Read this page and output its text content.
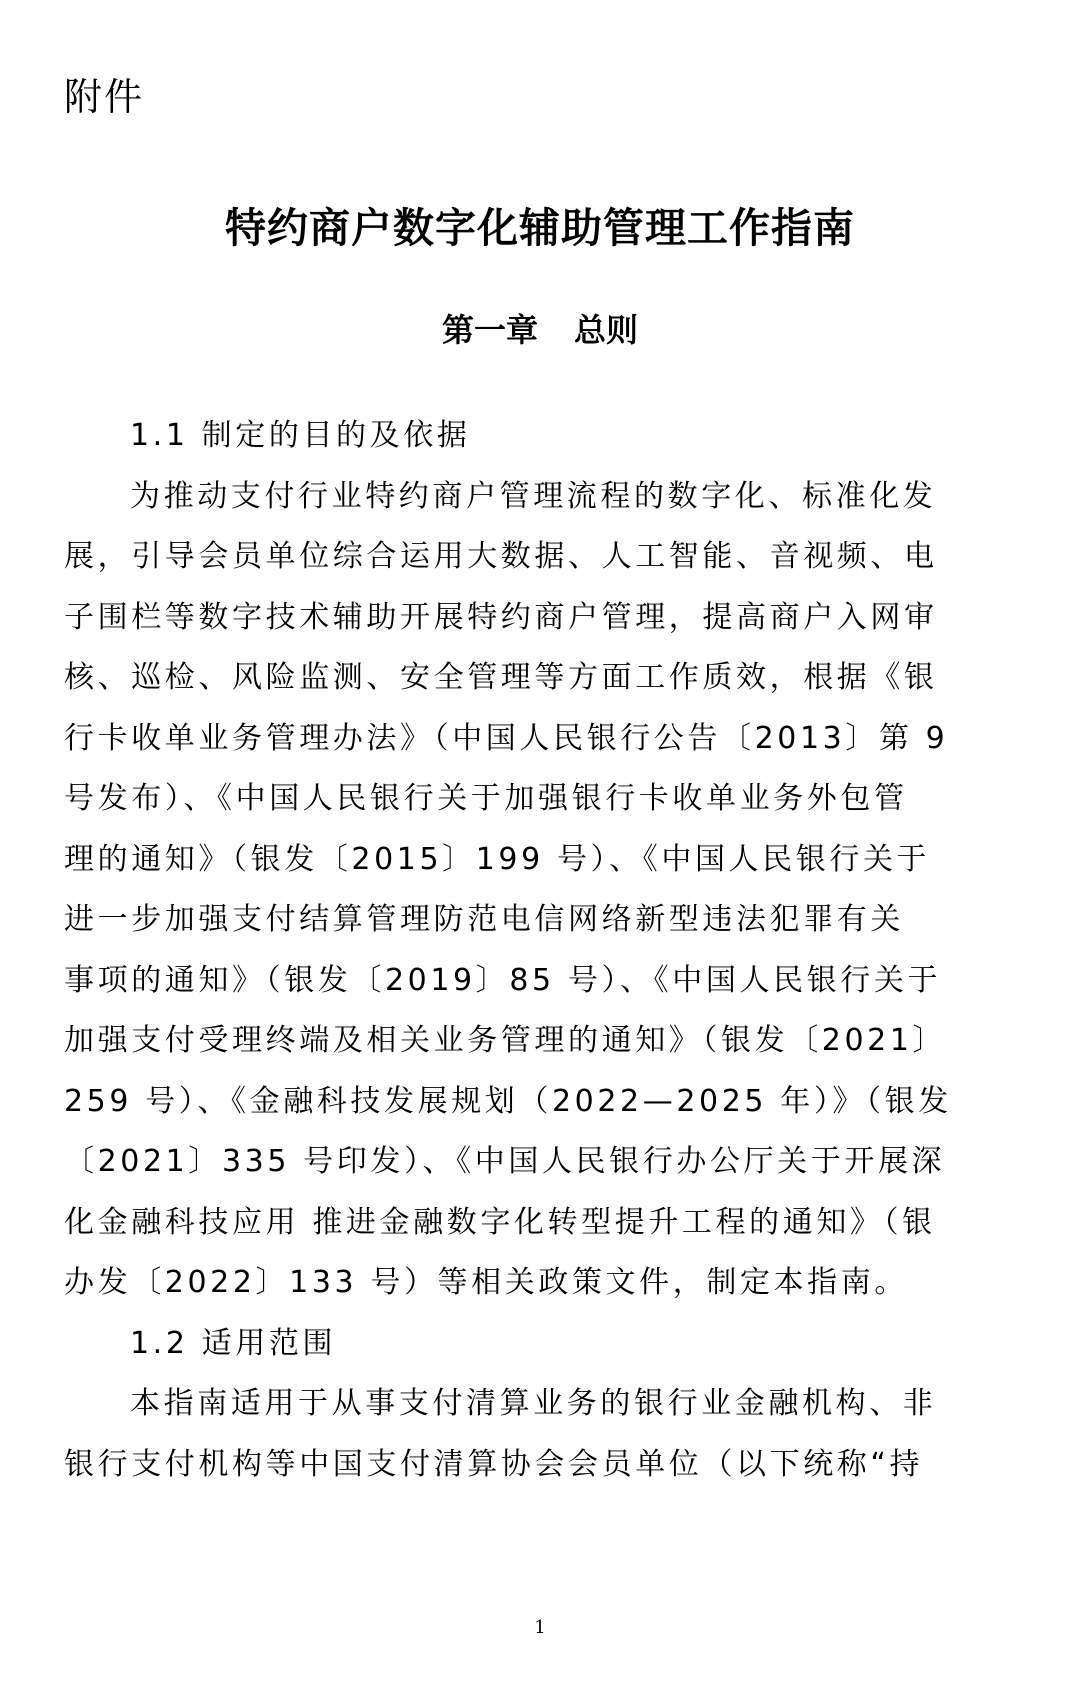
附件
特约商户数字化辅助管理工作指南
第一章 总则
1.1 制定的目的及依据
为推动支付行业特约商户管理流程的数字化、标准化发
展，引导会员单位综合运用大数据、人工智能、音视频、电
子围栏等数字技术辅助开展特约商户管理，提高商户入网审
核、巡检、风险监测、安全管理等方面工作质效，根据《银
行卡收单业务管理办法》（中国人民银行公告〔2013〕第 9
号发布）、《中国人民银行关于加强银行卡收单业务外包管
理的通知》（银发〔2015〕199 号）、《中国人民银行关于
进一步加强支付结算管理防范电信网络新型违法犯罪有关
事项的通知》（银发〔2019〕85 号）、《中国人民银行关于
加强支付受理终端及相关业务管理的通知》（银发〔2021〕
259 号）、《金融科技发展规划（2022—2025 年）》（银发
〔2021〕335 号印发）、《中国人民银行办公厅关于开展深
化金融科技应用 推进金融数字化转型提升工程的通知》（银
办发〔2022〕133 号）等相关政策文件，制定本指南。
1.2 适用范围
本指南适用于从事支付清算业务的银行业金融机构、非
银行支付机构等中国支付清算协会会员单位（以下统称“持
1
